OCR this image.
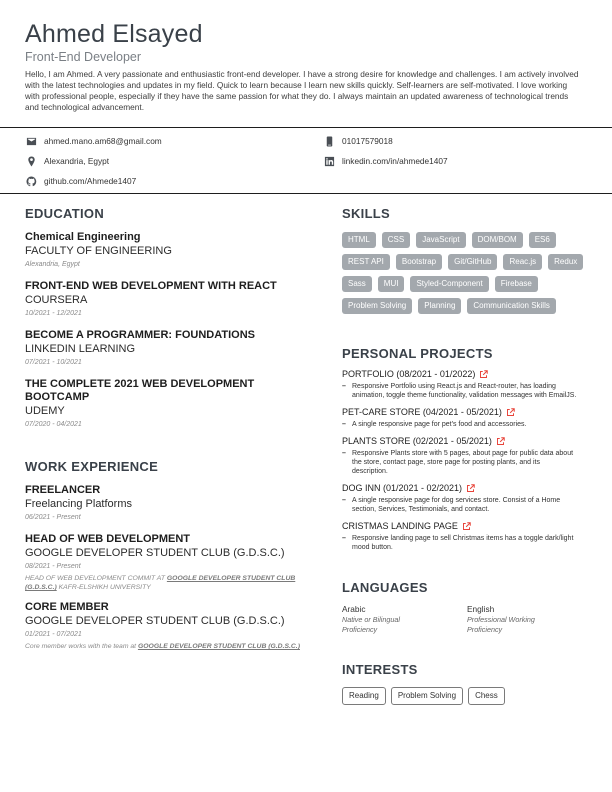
Ahmed Elsayed
Front-End Developer
Hello, I am Ahmed. A very passionate and enthusiastic front-end developer. I have a strong desire for knowledge and challenges. I am actively involved with the latest technologies and updates in my field. Quick to learn because I learn new skills quickly. Self-learners are self-motivated. I love working with professional people, especially if they have the same passion for what they do. I always maintain an updated awareness of technological trends and technological advancement.
ahmed.mano.am68@gmail.com	01017579018
Alexandria, Egypt	linkedin.com/in/ahmede1407
github.com/Ahmede1407
EDUCATION
Chemical Engineering
FACULTY OF ENGINEERING
Alexandria, Egypt
FRONT-END WEB DEVELOPMENT WITH REACT
COURSERA
10/2021 - 12/2021
BECOME A PROGRAMMER: FOUNDATIONS
LINKEDIN LEARNING
07/2021 - 10/2021
THE COMPLETE 2021 WEB DEVELOPMENT BOOTCAMP
UDEMY
07/2020 - 04/2021
WORK EXPERIENCE
FREELANCER
Freelancing Platforms
06/2021 - Present
HEAD OF WEB DEVELOPMENT
GOOGLE DEVELOPER STUDENT CLUB (G.D.S.C.)
08/2021 - Present
HEAD OF WEB DEVELOPMENT COMMIT AT GOOGLE DEVELOPER STUDENT CLUB (G.D.S.C.) KAFR-ELSHIKH UNIVERSITY
CORE MEMBER
GOOGLE DEVELOPER STUDENT CLUB (G.D.S.C.)
01/2021 - 07/2021
Core member works with the team at GOOGLE DEVELOPER STUDENT CLUB (G.D.S.C.)
SKILLS
HTML	CSS	JavaScript	DOM/BOM	ES6
REST API	Bootstrap	Git/GitHub	Reac.js	Redux
Sass	MUI	Styled-Component	Firebase
Problem Solving	Planning	Communication Skills
PERSONAL PROJECTS
PORTFOLIO (08/2021 - 01/2022)
– Responsive Portfolio using React.js and React-router, has loading animation, toggle theme functionality, validation messages with EmailJS.
PET-CARE STORE (04/2021 - 05/2021)
– A single responsive page for pet's food and accessories.
PLANTS STORE (02/2021 - 05/2021)
– Responsive Plants store with 5 pages, about page for public data about the store, contact page, store page for posting plants, and its description.
DOG INN (01/2021 - 02/2021)
– A single responsive page for dog services store. Consist of a Home section, Services, Testimonials, and contact.
CRISTMAS LANDING PAGE
– Responsive landing page to sell Christmas items has a toggle dark/light mood button.
LANGUAGES
Arabic
Native or Bilingual Proficiency
English
Professional Working Proficiency
INTERESTS
Reading	Problem Solving	Chess
